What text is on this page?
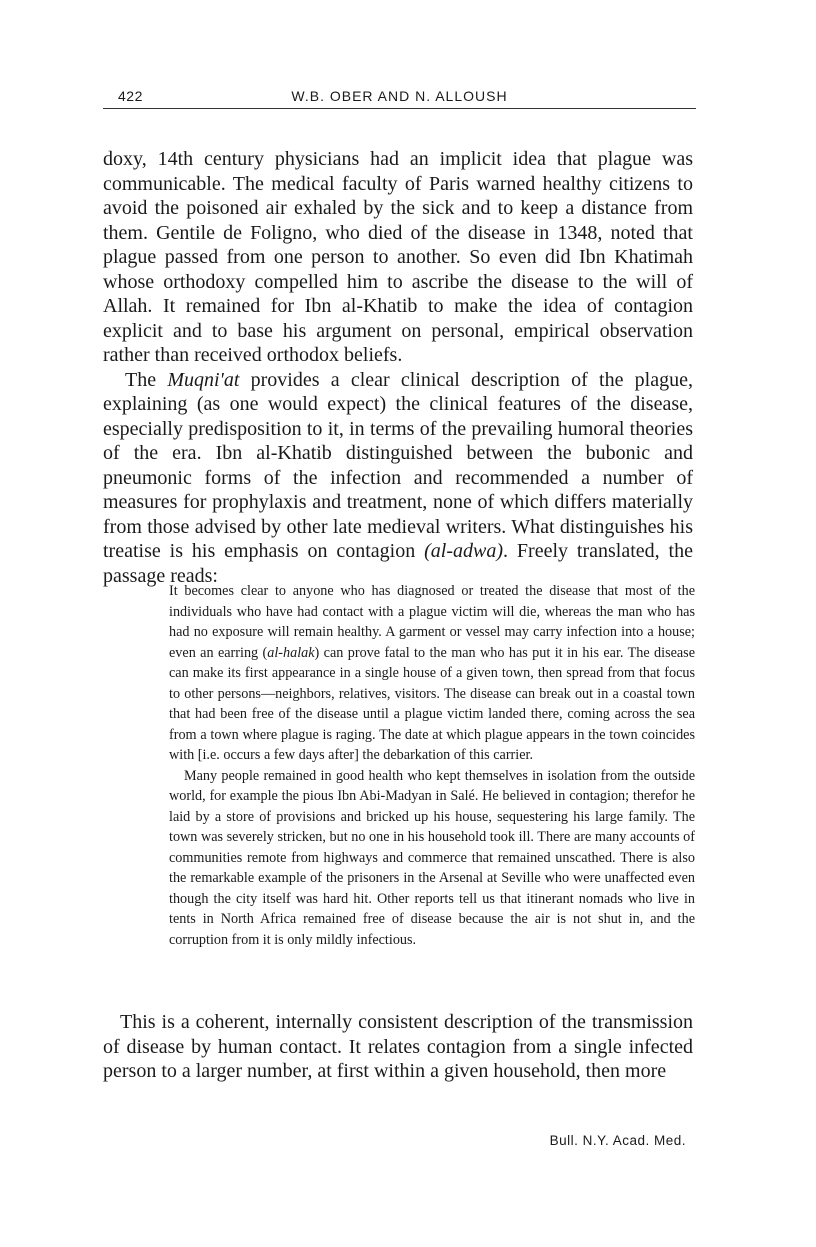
422	W.B. OBER AND N. ALLOUSH

doxy, 14th century physicians had an implicit idea that plague was communicable. The medical faculty of Paris warned healthy citizens to avoid the poisoned air exhaled by the sick and to keep a distance from them. Gentile de Foligno, who died of the disease in 1348, noted that plague passed from one person to another. So even did Ibn Khatimah whose orthodoxy compelled him to ascribe the disease to the will of Allah. It remained for Ibn al-Khatib to make the idea of contagion explicit and to base his argument on personal, empirical observation rather than received orthodox beliefs.

The Muqni'at provides a clear clinical description of the plague, explaining (as one would expect) the clinical features of the disease, especially predisposition to it, in terms of the prevailing humoral theories of the era. Ibn al-Khatib distinguished between the bubonic and pneumonic forms of the infection and recommended a number of measures for prophylaxis and treatment, none of which differs materially from those advised by other late medieval writers. What distinguishes his treatise is his emphasis on contagion (al-adwa). Freely translated, the passage reads:

It becomes clear to anyone who has diagnosed or treated the disease that most of the individuals who have had contact with a plague victim will die, whereas the man who has had no exposure will remain healthy. A garment or vessel may carry infection into a house; even an earring (al-halak) can prove fatal to the man who has put it in his ear. The disease can make its first appearance in a single house of a given town, then spread from that focus to other persons—neighbors, relatives, visitors. The disease can break out in a coastal town that had been free of the disease until a plague victim landed there, coming across the sea from a town where plague is raging. The date at which plague appears in the town coincides with [i.e. occurs a few days after] the debarkation of this carrier.

Many people remained in good health who kept themselves in isolation from the outside world, for example the pious Ibn Abi-Madyan in Salé. He believed in contagion; therefor he laid by a store of provisions and bricked up his house, sequestering his large family. The town was severely stricken, but no one in his household took ill. There are many accounts of communities remote from highways and commerce that remained unscathed. There is also the remarkable example of the prisoners in the Arsenal at Seville who were unaffected even though the city itself was hard hit. Other reports tell us that itinerant nomads who live in tents in North Africa remained free of disease because the air is not shut in, and the corruption from it is only mildly infectious.

This is a coherent, internally consistent description of the transmission of disease by human contact. It relates contagion from a single infected person to a larger number, at first within a given household, then more

Bull. N.Y. Acad. Med.
